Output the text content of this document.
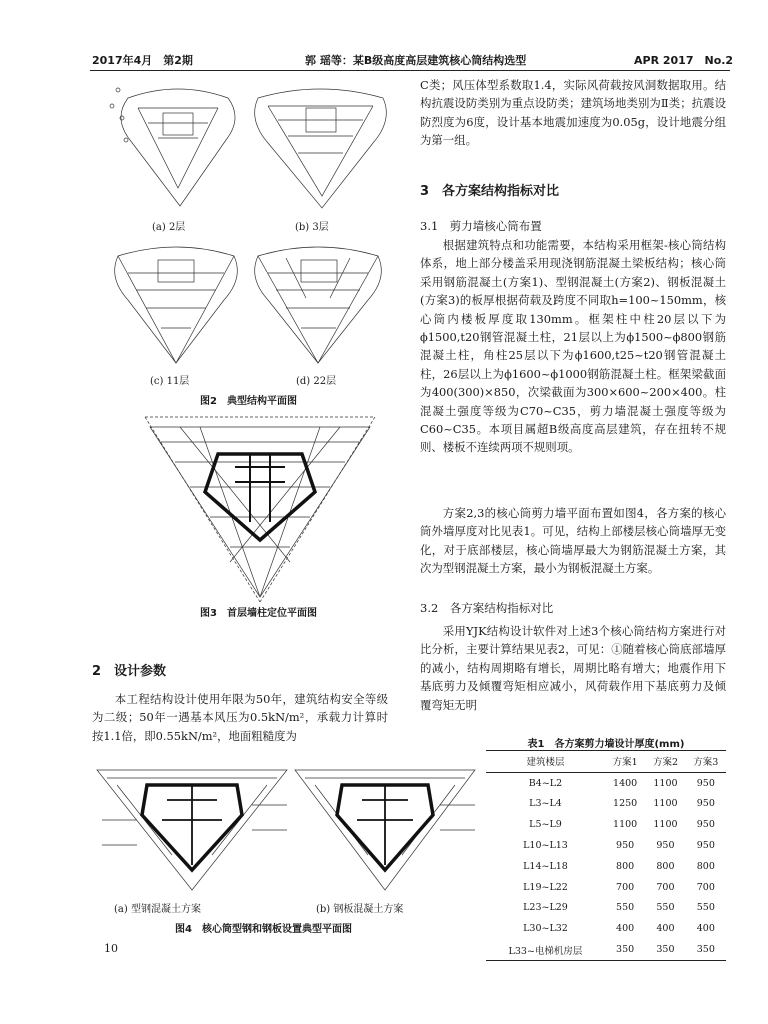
2017年4月　第2期	郭 瑶等：某B级高度高层建筑核心筒结构选型	APR 2017　No.2
(a) 2层	(b) 3层
(c) 11层	(d) 22层
图2　典型结构平面图
图3　首层墙柱定位平面图
2　设计参数

本工程结构设计使用年限为50年，建筑结构安全等级为二级；50年一遇基本风压为0.5kN/m²，承载力计算时按1.1倍，即0.55kN/m²，地面粗糙度为

(a) 型钢混凝土方案	(b) 钢板混凝土方案
图4　核心筒型钢和钢板设置典型平面图
10

C类；风压体型系数取1.4，实际风荷载按风洞数据取用。结构抗震设防类别为重点设防类；建筑场地类别为Ⅱ类；抗震设防烈度为6度，设计基本地震加速度为0.05g，设计地震分组为第一组。

3　各方案结构指标对比
3.1　剪力墙核心筒布置

根据建筑特点和功能需要，本结构采用框架-核心筒结构体系，地上部分楼盖采用现浇钢筋混凝土梁板结构；核心筒采用钢筋混凝土(方案1)、型钢混凝土(方案2)、钢板混凝土(方案3)的板厚根据荷载及跨度不同取h=100~150mm，核心筒内楼板厚度取130mm。框架柱中柱20层以下为ϕ1500,t20钢管混凝土柱，21层以上为ϕ1500~ϕ800钢筋混凝土柱，角柱25层以下为ϕ1600,t25~t20钢管混凝土柱，26层以上为ϕ1600~ϕ1000钢筋混凝土柱。框架梁截面为400(300)×850，次梁截面为300×600~200×400。柱混凝土强度等级为C70~C35，剪力墙混凝土强度等级为C60~C35。本项目属超B级高度高层建筑，存在扭转不规则、楼板不连续两项不规则项。

方案2,3的核心筒剪力墙平面布置如图4，各方案的核心筒外墙厚度对比见表1。可见，结构上部楼层核心筒墙厚无变化，对于底部楼层，核心筒墙厚最大为钢筋混凝土方案，其次为型钢混凝土方案，最小为钢板混凝土方案。

3.2　各方案结构指标对比

采用YJK结构设计软件对上述3个核心筒结构方案进行对比分析，主要计算结果见表2，可见：①随着核心筒底部墙厚的减小，结构周期略有增长，周期比略有增大；地震作用下基底剪力及倾覆弯矩相应减小，风荷载作用下基底剪力及倾覆弯矩无明

表1　各方案剪力墙设计厚度(mm)
建筑楼层	方案1	方案2	方案3
B4~L2	1400	1100	950
L3~L4	1250	1100	950
L5~L9	1100	1100	950
L10~L13	950	950	950
L14~L18	800	800	800
L19~L22	700	700	700
L23~L29	550	550	550
L30~L32	400	400	400
L33~电梯机房层	350	350	350
